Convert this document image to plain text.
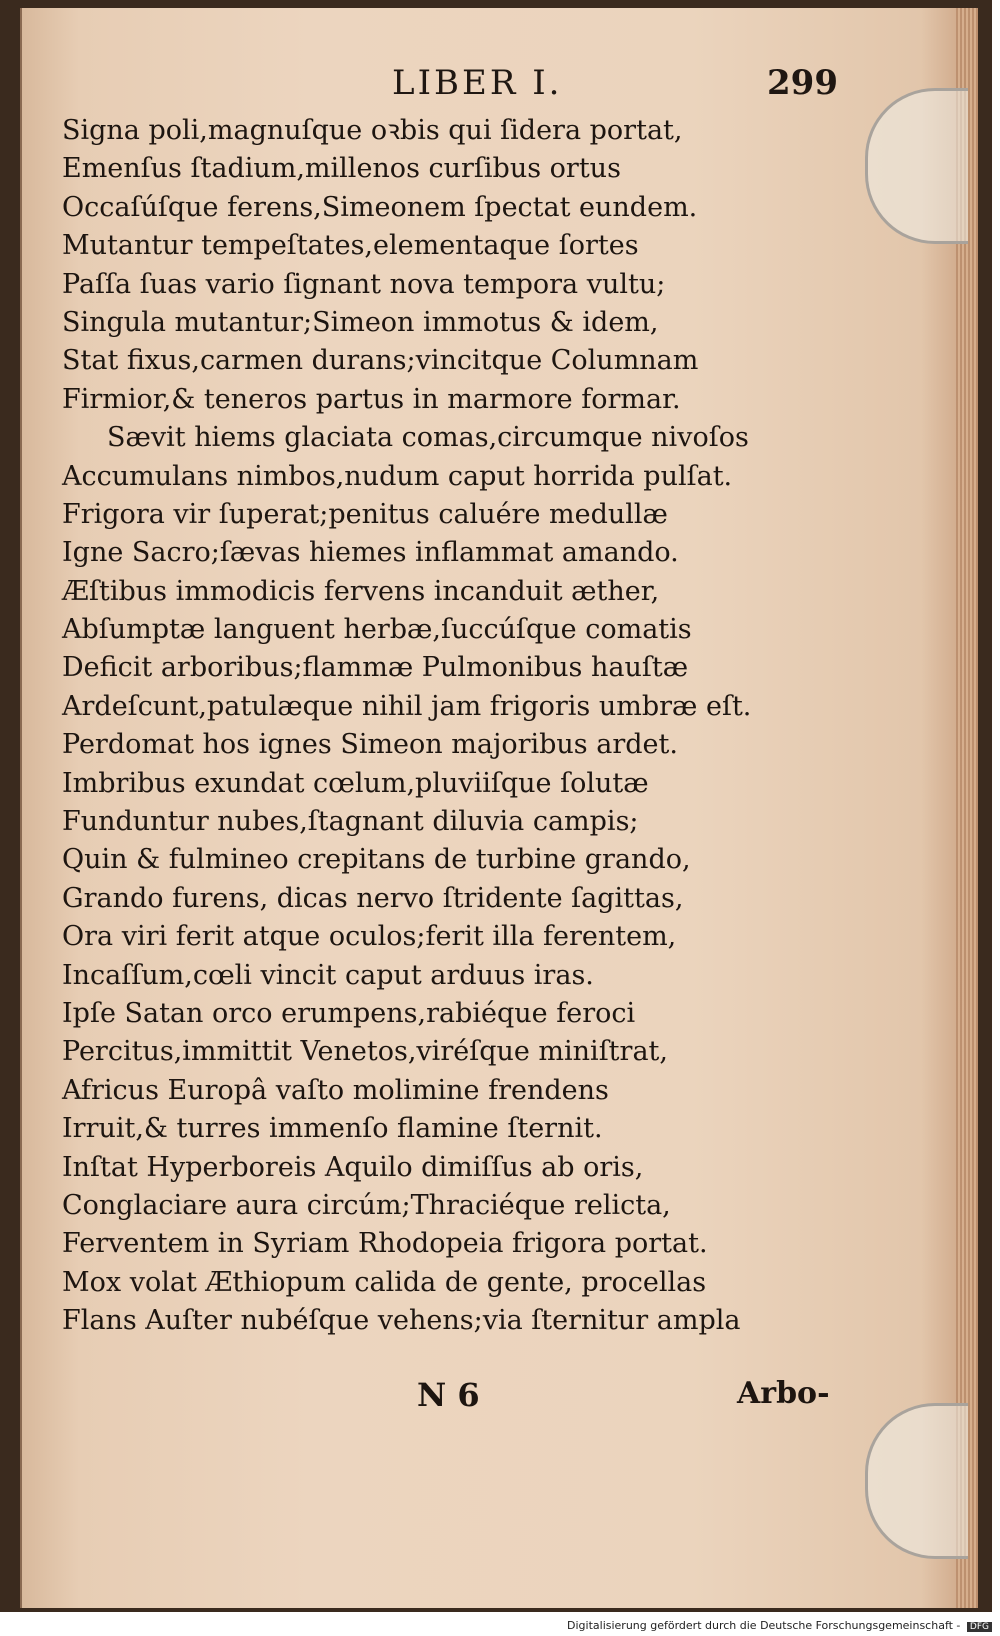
LIBER I.	299
Signa poli,magnuſque oꝛbis qui ſidera portat,
Emenſus ſtadium,millenos curſibus ortus
Occaſúſque ferens,Simeonem ſpectat eundem.
Mutantur tempeſtates,elementaque ſortes
Paſſa ſuas vario ſignant nova tempora vultu;
Singula mutantur;Simeon immotus & idem,
Stat fixus,carmen durans;vincitque Columnam
Firmior,& teneros partus in marmore formar.
Sævit hiems glaciata comas,circumque nivoſos
Accumulans nimbos,nudum caput horrida pulſat.
Frigora vir ſuperat;penitus caluére medullæ
Igne Sacro;ſævas hiemes inflammat amando.
Æſtibus immodicis fervens incanduit æther,
Abſumptæ languent herbæ,ſuccúſque comatis
Deficit arboribus;flammæ Pulmonibus hauſtæ
Ardeſcunt,patulæque nihil jam frigoris umbræ eſt.
Perdomat hos ignes Simeon majoribus ardet.
Imbribus exundat cœlum,pluviiſque ſolutæ
Funduntur nubes,ſtagnant diluvia campis;
Quin & fulmineo crepitans de turbine grando,
Grando furens, dicas nervo ſtridente ſagittas,
Ora viri ferit atque oculos;ferit illa ferentem,
Incaſſum,cœli vincit caput arduus iras.
Ipſe Satan orco erumpens,rabiéque feroci
Percitus,immittit Venetos,viréſque miniſtrat,
Africus Europâ vaſto molimine frendens
Irruit,& turres immenſo flamine ſternit.
Inſtat Hyperboreis Aquilo dimiſſus ab oris,
Conglaciare aura circúm;Thraciéque relicta,
Ferventem in Syriam Rhodopeia frigora portat.
Mox volat Æthiopum calida de gente, procellas
Flans Auſter nubéſque vehens;via ſternitur ampla
N 6	Arbo-
Digitalisierung gefördert durch die Deutsche Forschungsgemeinschaft - DFG
